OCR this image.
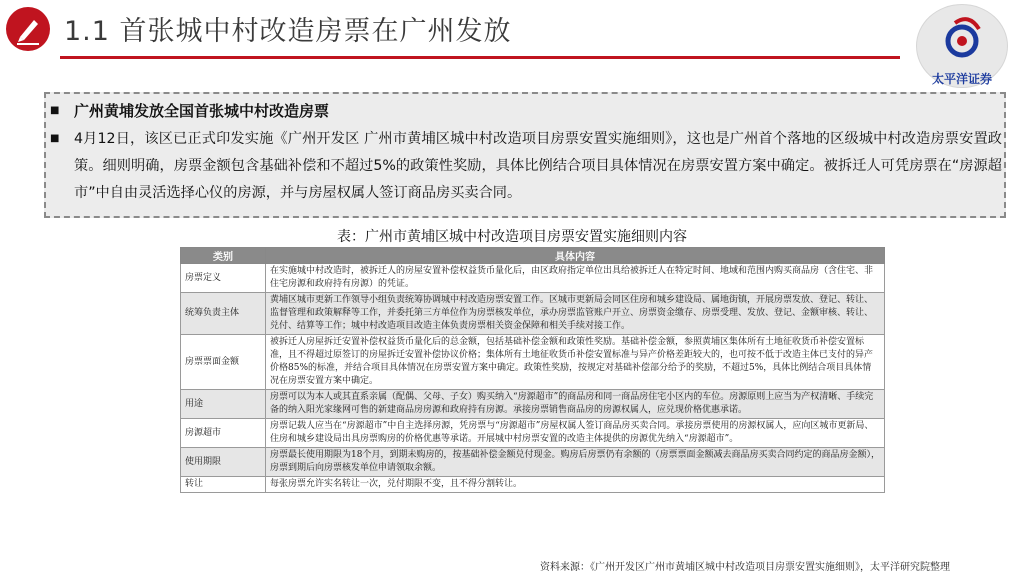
1.1 首张城中村改造房票在广州发放
太平洋证券
■ 广州黄埔发放全国首张城中村改造房票
■ 4月12日，该区已正式印发实施《广州开发区 广州市黄埔区城中村改造项目房票安置实施细则》，这也是广州首个落地的区级城中村改造房票安置政策。细则明确，房票金额包含基础补偿和不超过5%的政策性奖励，具体比例结合项目具体情况在房票安置方案中确定。被拆迁人可凭房票在“房源超市”中自由灵活选择心仪的房源，并与房屋权属人签订商品房买卖合同。
表：广州市黄埔区城中村改造项目房票安置实施细则内容
类别	具体内容
房票定义	在实施城中村改造时，被拆迁人的房屋安置补偿权益货币量化后，由区政府指定单位出具给被拆迁人在特定时间、地域和范围内购买商品房（含住宅、非住宅房源和政府持有房源）的凭证。
统筹负责主体	黄埔区城市更新工作领导小组负责统筹协调城中村改造房票安置工作。区城市更新局会同区住房和城乡建设局、属地街镇，开展房票发放、登记、转让、监督管理和政策解释等工作，并委托第三方单位作为房票核发单位，承办房票监管账户开立、房票资金缴存、房票受理、发放、登记、金额审核、转让、兑付、结算等工作；城中村改造项目改造主体负责房票相关资金保障和相关手续对接工作。
房票票面金额	被拆迁人房屋拆迁安置补偿权益货币量化后的总金额，包括基础补偿金额和政策性奖励。基础补偿金额，参照黄埔区集体所有土地征收货币补偿安置标准，且不得超过原签订的房屋拆迁安置补偿协议价格；集体所有土地征收货币补偿安置标准与异产价格差距较大的，也可按不低于改造主体已支付的异产价格85%的标准，并结合项目具体情况在房票安置方案中确定。政策性奖励，按规定对基础补偿部分给予的奖励，不超过5%，具体比例结合项目具体情况在房票安置方案中确定。
用途	房票可以为本人或其直系亲属（配偶、父母、子女）购买纳入“房源超市”的商品房和同一商品房住宅小区内的车位。房源原则上应当为产权清晰、手续完备的纳入阳光家缘网可售的新建商品房房源和政府持有房源。承接房票销售商品房的房源权属人，应兑现价格优惠承诺。
房源超市	房票记载人应当在“房源超市”中自主选择房源，凭房票与“房源超市”房屋权属人签订商品房买卖合同。承接房票使用的房源权属人，应向区城市更新局、住房和城乡建设局出具房票购房的价格优惠等承诺。开展城中村房票安置的改造主体提供的房源优先纳入“房源超市”。
使用期限	房票最长使用期限为18个月，到期未购房的，按基础补偿金额兑付现金。购房后房票仍有余额的（房票票面金额减去商品房买卖合同约定的商品房金额），房票到期后向房票核发单位申请领取余额。
转让	每张房票允许实名转让一次，兑付期限不变，且不得分割转让。
资料来源：《广州开发区广州市黄埔区城中村改造项目房票安置实施细则》，太平洋研究院整理
